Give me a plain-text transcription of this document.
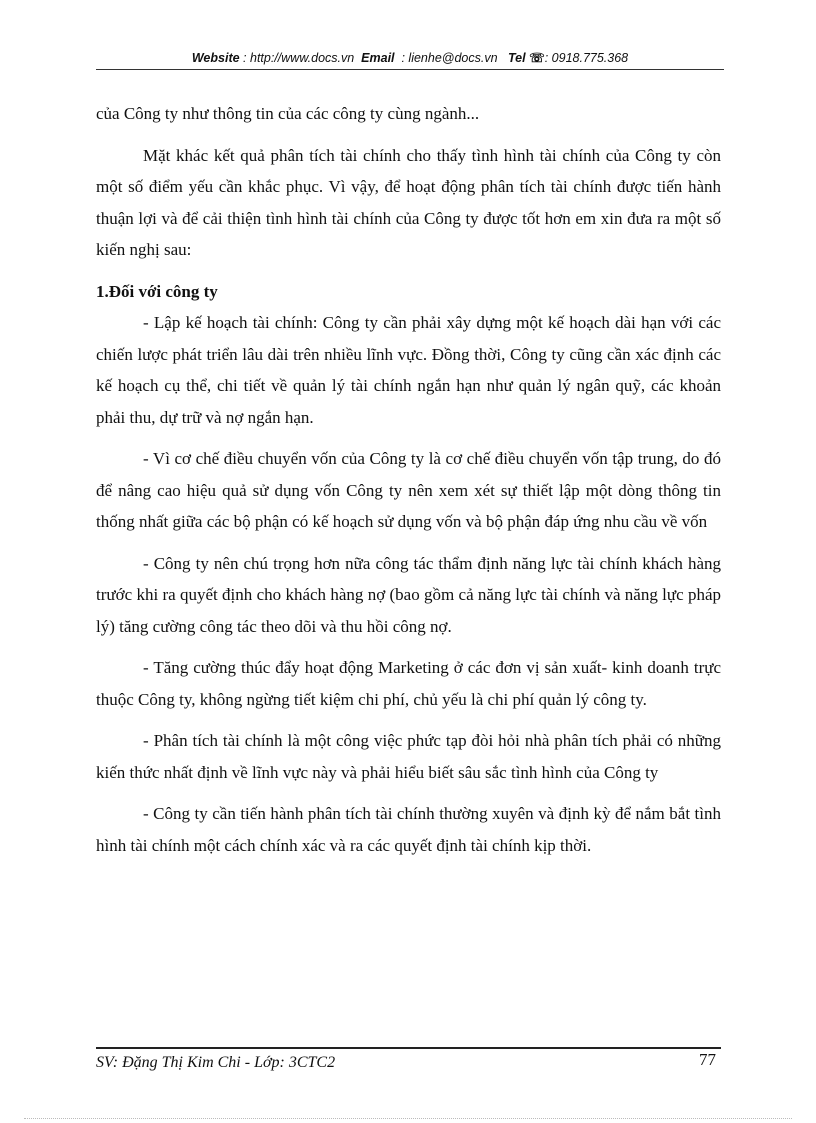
Website : http://www.docs.vn Email : lienhe@docs.vn Tel ☏: 0918.775.368

của Công ty như thông tin của các công ty cùng ngành...

Mặt khác kết quả phân tích tài chính cho thấy tình hình tài chính của Công ty còn một số điểm yếu cần khắc phục. Vì vậy, để hoạt động phân tích tài chính được tiến hành thuận lợi và để cải thiện tình hình tài chính của Công ty được tốt hơn em xin đưa ra một số kiến nghị sau:

1.Đối với công ty

- Lập kế hoạch tài chính: Công ty cần phải xây dựng một kế hoạch dài hạn với các chiến lược phát triển lâu dài trên nhiều lĩnh vực. Đồng thời, Công ty cũng cần xác định các kế hoạch cụ thể, chi tiết về quản lý tài chính ngắn hạn như quản lý ngân quỹ, các khoản phải thu, dự trữ và nợ ngắn hạn.

- Vì cơ chế điều chuyển vốn của Công ty là cơ chế điều chuyển vốn tập trung, do đó để nâng cao hiệu quả sử dụng vốn Công ty nên xem xét sự thiết lập một dòng thông tin thống nhất giữa các bộ phận có kế hoạch sử dụng vốn và bộ phận đáp ứng nhu cầu về vốn

- Công ty nên chú trọng hơn nữa công tác thẩm định năng lực tài chính khách hàng trước khi ra quyết định cho khách hàng nợ (bao gồm cả năng lực tài chính và năng lực pháp lý) tăng cường công tác theo dõi và thu hồi công nợ.

- Tăng cường thúc đẩy hoạt động Marketing ở các đơn vị sản xuất- kinh doanh trực thuộc Công ty, không ngừng tiết kiệm chi phí, chủ yếu là chi phí quản lý công ty.

- Phân tích tài chính là một công việc phức tạp đòi hỏi nhà phân tích phải có những kiến thức nhất định về lĩnh vực này và phải hiểu biết sâu sắc tình hình của Công ty

- Công ty cần tiến hành phân tích tài chính thường xuyên và định kỳ để nắm bắt tình hình tài chính một cách chính xác và ra các quyết định tài chính kịp thời.

SV: Đặng Thị Kim Chi - Lớp: 3CTC2	77
